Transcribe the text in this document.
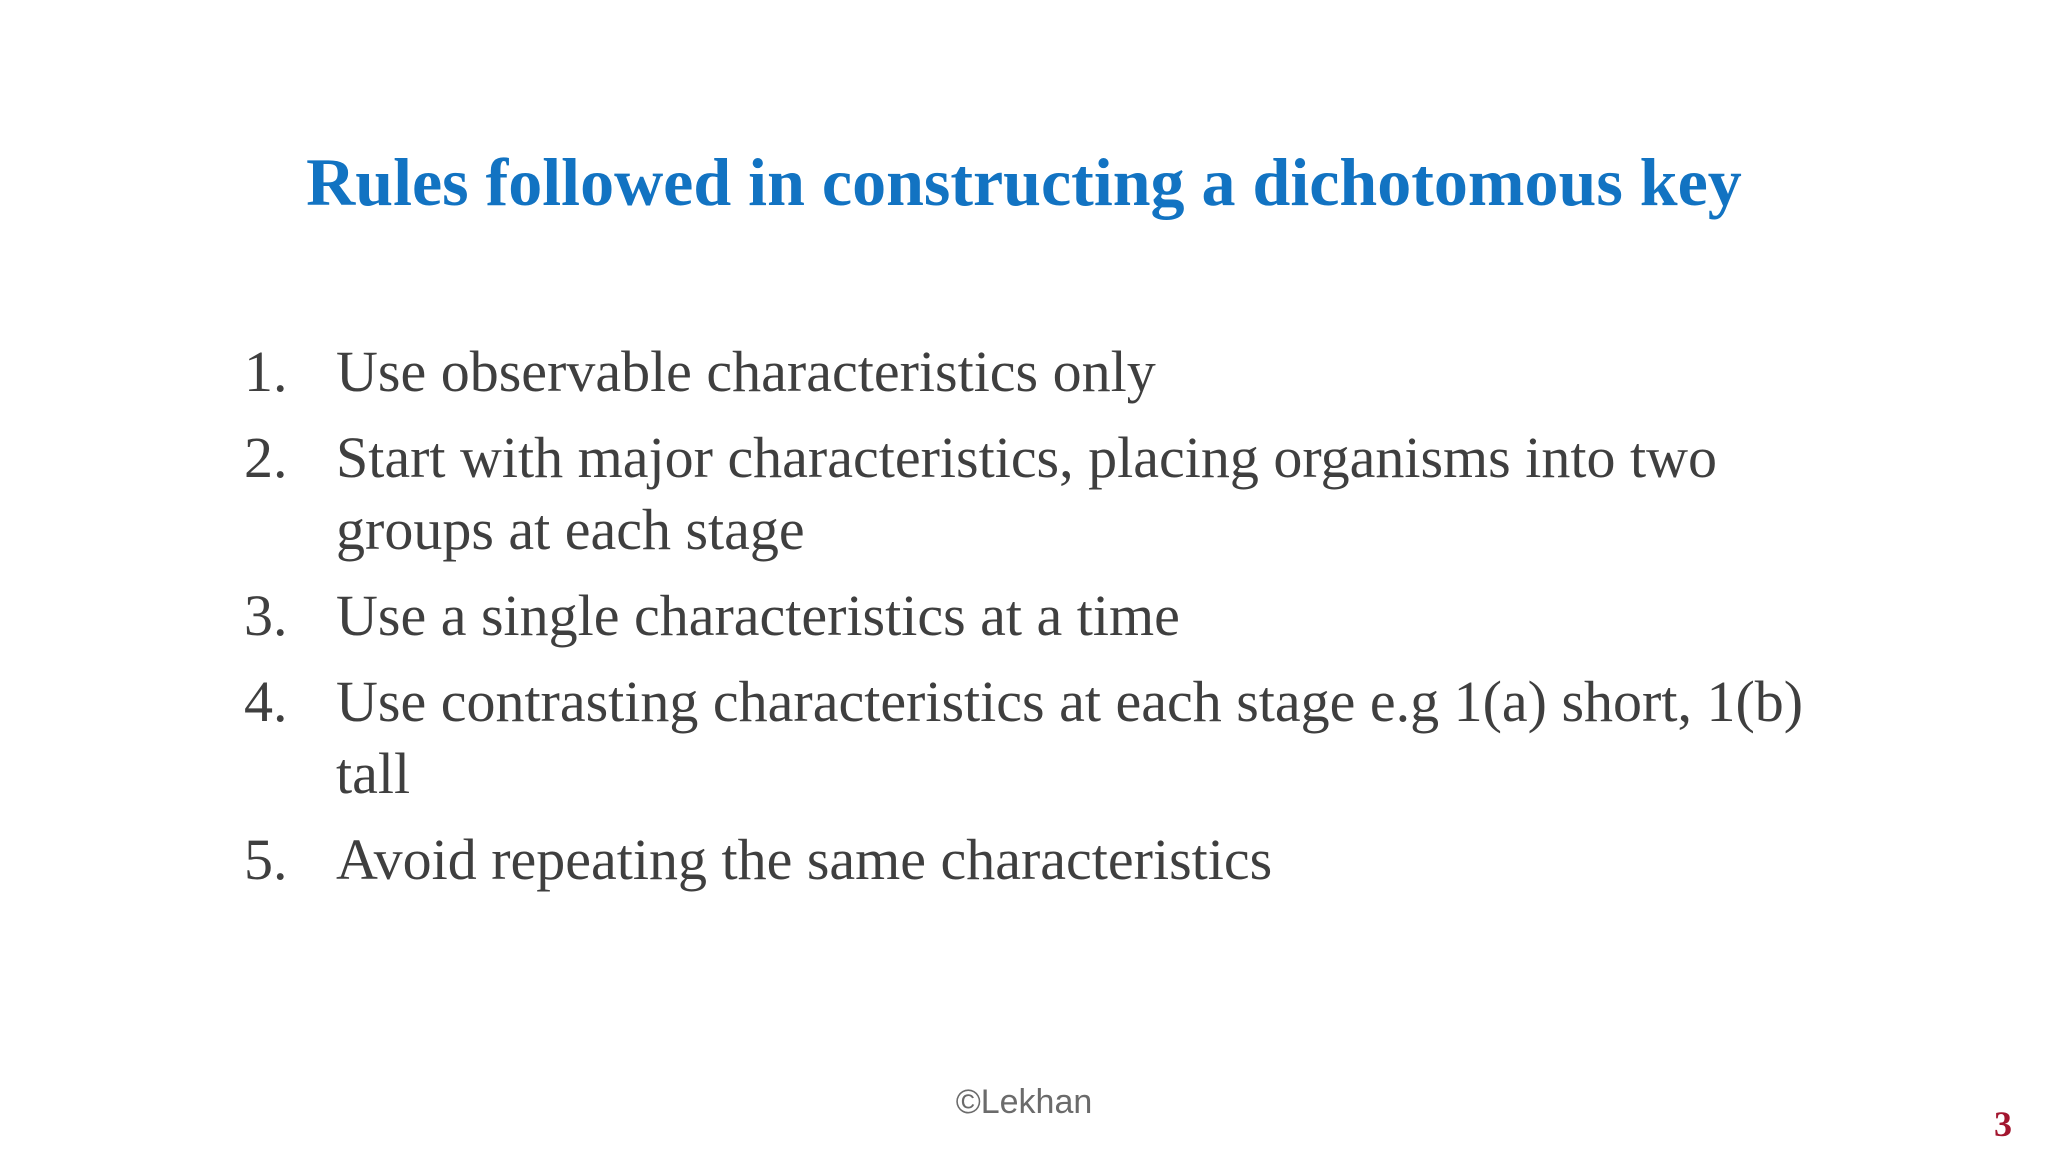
Rules followed in constructing a dichotomous key
1. Use observable characteristics only
2. Start with major characteristics, placing organisms into two groups at each stage
3. Use a single characteristics at a time
4. Use contrasting characteristics at each stage e.g 1(a) short, 1(b) tall
5. Avoid repeating the same characteristics
©Lekhan
3
